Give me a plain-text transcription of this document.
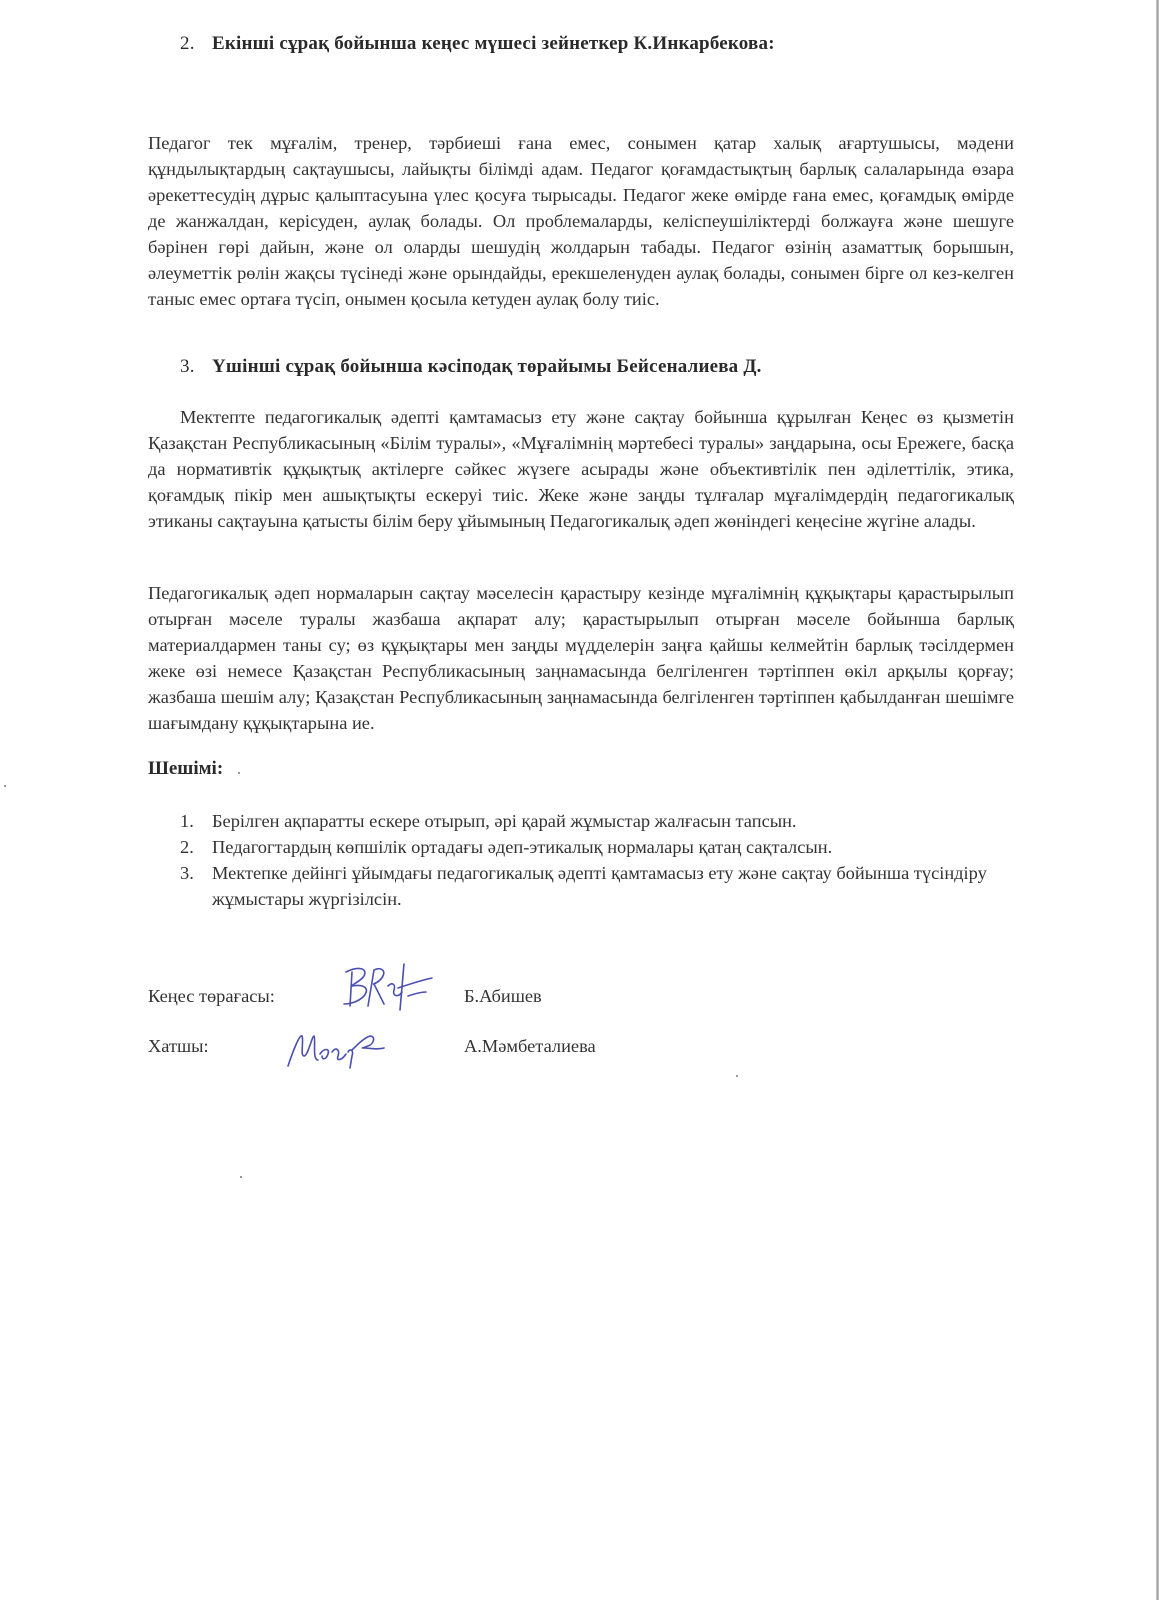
2. Екінші сұрақ бойынша кеңес мүшесі зейнеткер К.Инкарбекова:

Педагог тек мұғалім, тренер, тәрбиеші ғана емес, сонымен қатар халық ағартушысы, мәдени құндылықтардың сақтаушысы, лайықты білімді адам. Педагог қоғамдастықтың барлық салаларында өзара әрекеттесудің дұрыс қалыптасуына үлес қосуға тырысады. Педагог жеке өмірде ғана емес, қоғамдық өмірде де жанжалдан, керісуден, аулақ болады. Ол проблемаларды, келіспеушіліктерді болжауға және шешуге бәрінен гөрі дайын, және ол оларды шешудің жолдарын табады. Педагог өзінің азаматтық борышын, әлеуметтік рөлін жақсы түсінеді және орындайды, ерекшеленуден аулақ болады, сонымен бірге ол кез-келген таныс емес ортаға түсіп, онымен қосыла кетуден аулақ болу тиіс.

3. Үшінші сұрақ бойынша кәсіподақ төрайымы Бейсеналиева Д.

Мектепте педагогикалық әдепті қамтамасыз ету және сақтау бойынша құрылған Кеңес өз қызметін Қазақстан Республикасының «Білім туралы», «Мұғалімнің мәртебесі туралы» заңдарына, осы Ережеге, басқа да нормативтік құқықтық актілерге сәйкес жүзеге асырады және объективтілік пен әділеттілік, этика, қоғамдық пікір мен ашықтықты ескеруі тиіс. Жеке және заңды тұлғалар мұғалімдердің педагогикалық этиканы сақтауына қатысты білім беру ұйымының Педагогикалық әдеп жөніндегі кеңесіне жүгіне алады.

Педагогикалық әдеп нормаларын сақтау мәселесін қарастыру кезінде мұғалімнің құқықтары қарастырылып отырған мәселе туралы жазбаша ақпарат алу; қарастырылып отырған мәселе бойынша барлық материалдармен таны су; өз құқықтары мен заңды мүдделерін заңға қайшы келмейтін барлық тәсілдермен жеке өзі немесе Қазақстан Республикасының заңнамасында белгіленген тәртіппен өкіл арқылы қорғау; жазбаша шешім алу; Қазақстан Республикасының заңнамасында белгіленген тәртіппен қабылданған шешімге шағымдану құқықтарына ие.

Шешімі:
1. Берілген ақпаратты ескере отырып, әрі қарай жұмыстар жалғасын тапсын.
2. Педагогтардың көпшілік ортадағы әдеп-этикалық нормалары қатаң сақталсын.
3. Мектепке дейінгі ұйымдағы педагогикалық әдепті қамтамасыз ету және сақтау бойынша түсіндіру жұмыстары жүргізілсін.
Кеңес төрағасы:	Б.Абишев
Хатшы:	А.Мәмбеталиева
